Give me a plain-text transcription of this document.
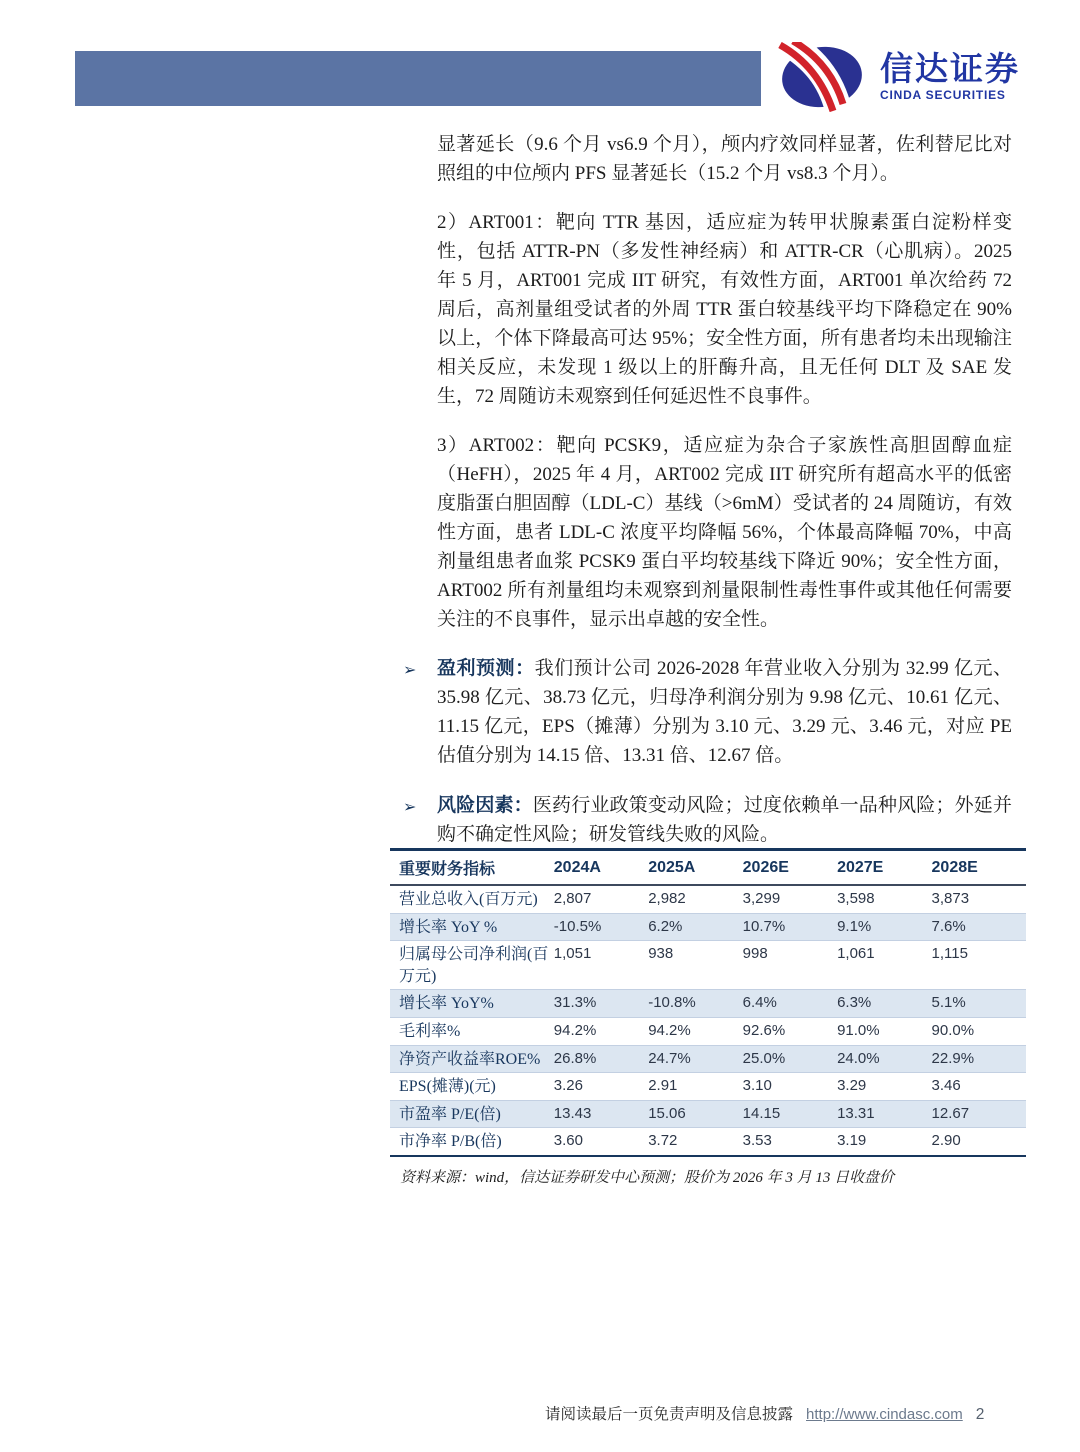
信达证券
CINDA SECURITIES

显著延长（9.6 个月 vs6.9 个月），颅内疗效同样显著，佐利替尼比对照组的中位颅内 PFS 显著延长（15.2 个月 vs8.3 个月）。

2）ART001：靶向 TTR 基因，适应症为转甲状腺素蛋白淀粉样变性，包括 ATTR-PN（多发性神经病）和 ATTR-CR（心肌病）。2025 年 5 月，ART001 完成 IIT 研究，有效性方面，ART001 单次给药 72 周后，高剂量组受试者的外周 TTR 蛋白较基线平均下降稳定在 90%以上，个体下降最高可达 95%；安全性方面，所有患者均未出现输注相关反应，未发现 1 级以上的肝酶升高，且无任何 DLT 及 SAE 发生，72 周随访未观察到任何延迟性不良事件。

3）ART002：靶向 PCSK9，适应症为杂合子家族性高胆固醇血症（HeFH），2025 年 4 月，ART002 完成 IIT 研究所有超高水平的低密度脂蛋白胆固醇（LDL-C）基线（>6mM）受试者的 24 周随访，有效性方面，患者 LDL-C 浓度平均降幅 56%，个体最高降幅 70%，中高剂量组患者血浆 PCSK9 蛋白平均较基线下降近 90%；安全性方面，ART002 所有剂量组均未观察到剂量限制性毒性事件或其他任何需要关注的不良事件，显示出卓越的安全性。

➢ 盈利预测：我们预计公司 2026-2028 年营业收入分别为 32.99 亿元、35.98 亿元、38.73 亿元，归母净利润分别为 9.98 亿元、10.61 亿元、11.15 亿元，EPS（摊薄）分别为 3.10 元、3.29 元、3.46 元，对应 PE 估值分别为 14.15 倍、13.31 倍、12.67 倍。
➢ 风险因素：医药行业政策变动风险；过度依赖单一品种风险；外延并购不确定性风险；研发管线失败的风险。
重要财务指标	2024A	2025A	2026E	2027E	2028E
营业总收入(百万元)	2,807	2,982	3,299	3,598	3,873
增长率 YoY %	-10.5%	6.2%	10.7%	9.1%	7.6%
归属母公司净利润(百万元)	1,051	938	998	1,061	1,115
增长率 YoY%	31.3%	-10.8%	6.4%	6.3%	5.1%
毛利率%	94.2%	94.2%	92.6%	91.0%	90.0%
净资产收益率ROE%	26.8%	24.7%	25.0%	24.0%	22.9%
EPS(摊薄)(元)	3.26	2.91	3.10	3.29	3.46
市盈率 P/E(倍)	13.43	15.06	14.15	13.31	12.67
市净率 P/B(倍)	3.60	3.72	3.53	3.19	2.90
资料来源：wind，信达证券研发中心预测；股价为 2026 年 3 月 13 日收盘价
请阅读最后一页免责声明及信息披露 http://www.cindasc.com 2
